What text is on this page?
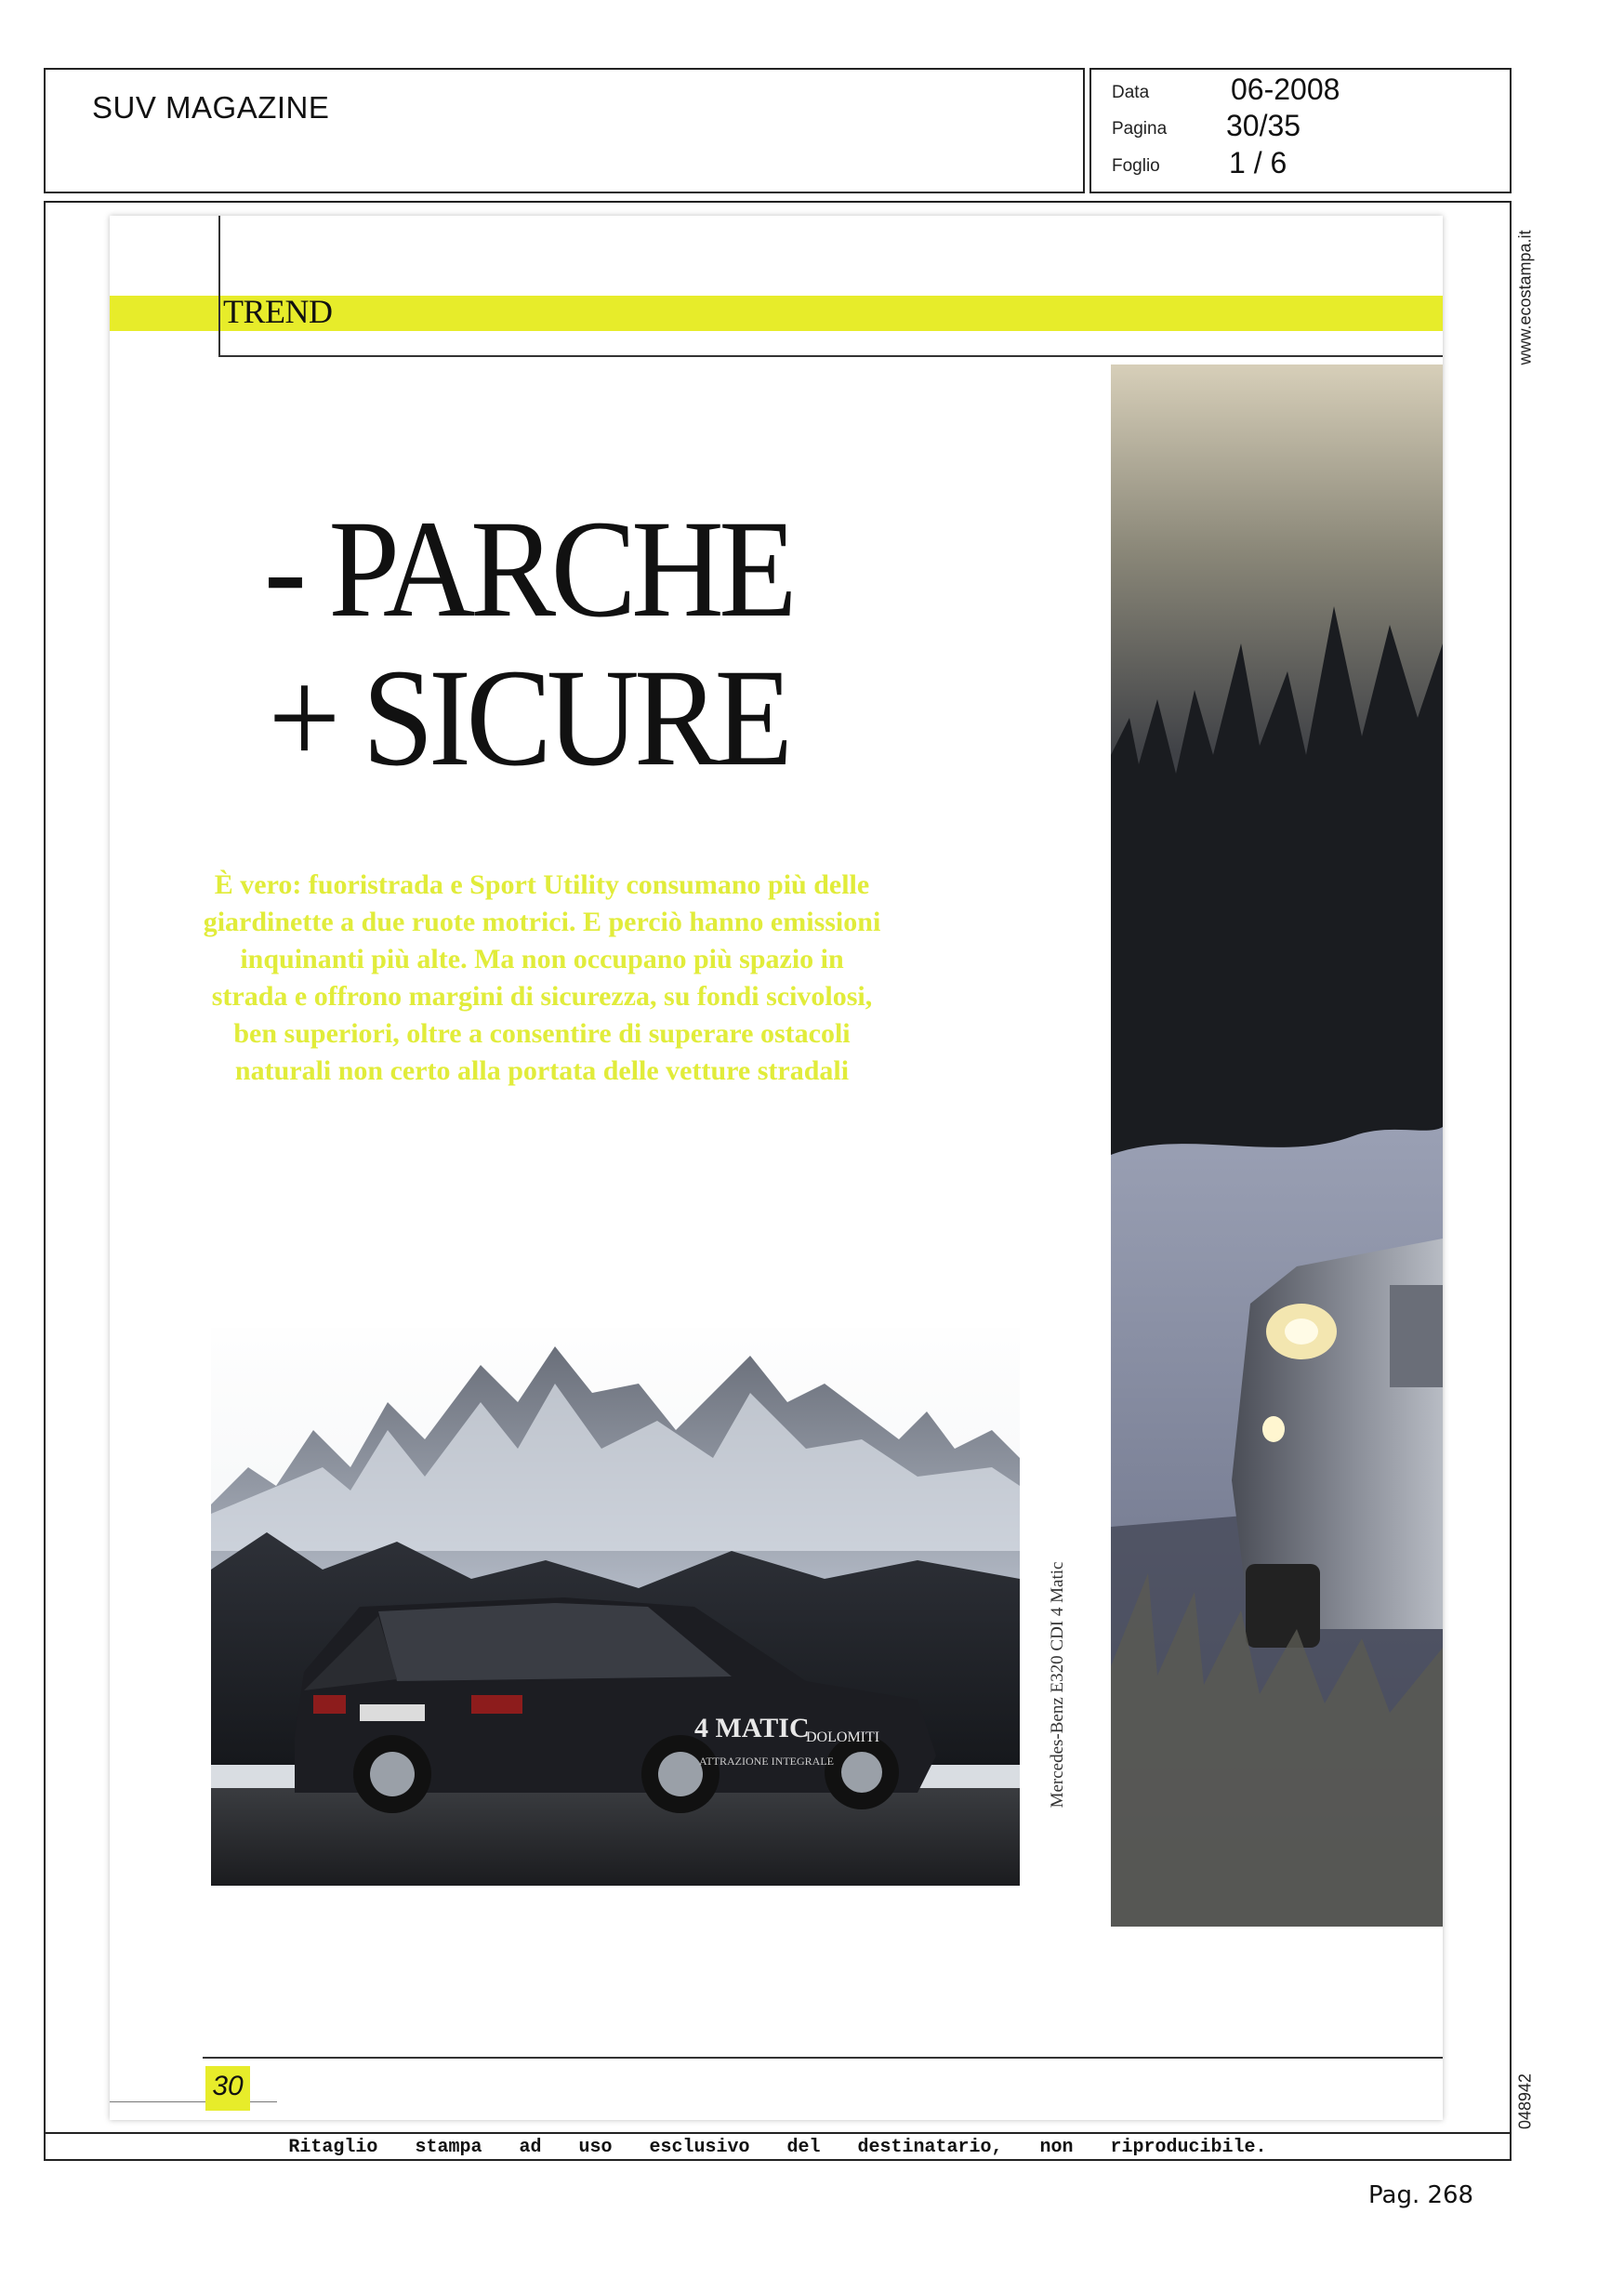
SUV MAGAZINE	Data	06-2008
Pagina 30/35
Foglio 1 / 6
www.ecostampa.it
048942
TREND
- PARCHE
+ SICURE
È vero: fuoristrada e Sport Utility consumano più delle giardinette a due ruote motrici. E perciò hanno emissioni inquinanti più alte. Ma non occupano più spazio in strada e offrono margini di sicurezza, su fondi scivolosi, ben superiori, oltre a consentire di superare ostacoli naturali non certo alla portata delle vetture stradali
4 MATIC
DOLOMITI
ATTRAZIONE INTEGRALE	Mercedes-Benz E320 CDI 4 Matic
30
Ritaglio stampa ad uso esclusivo del destinatario, non riproducibile.
Pag. 268
